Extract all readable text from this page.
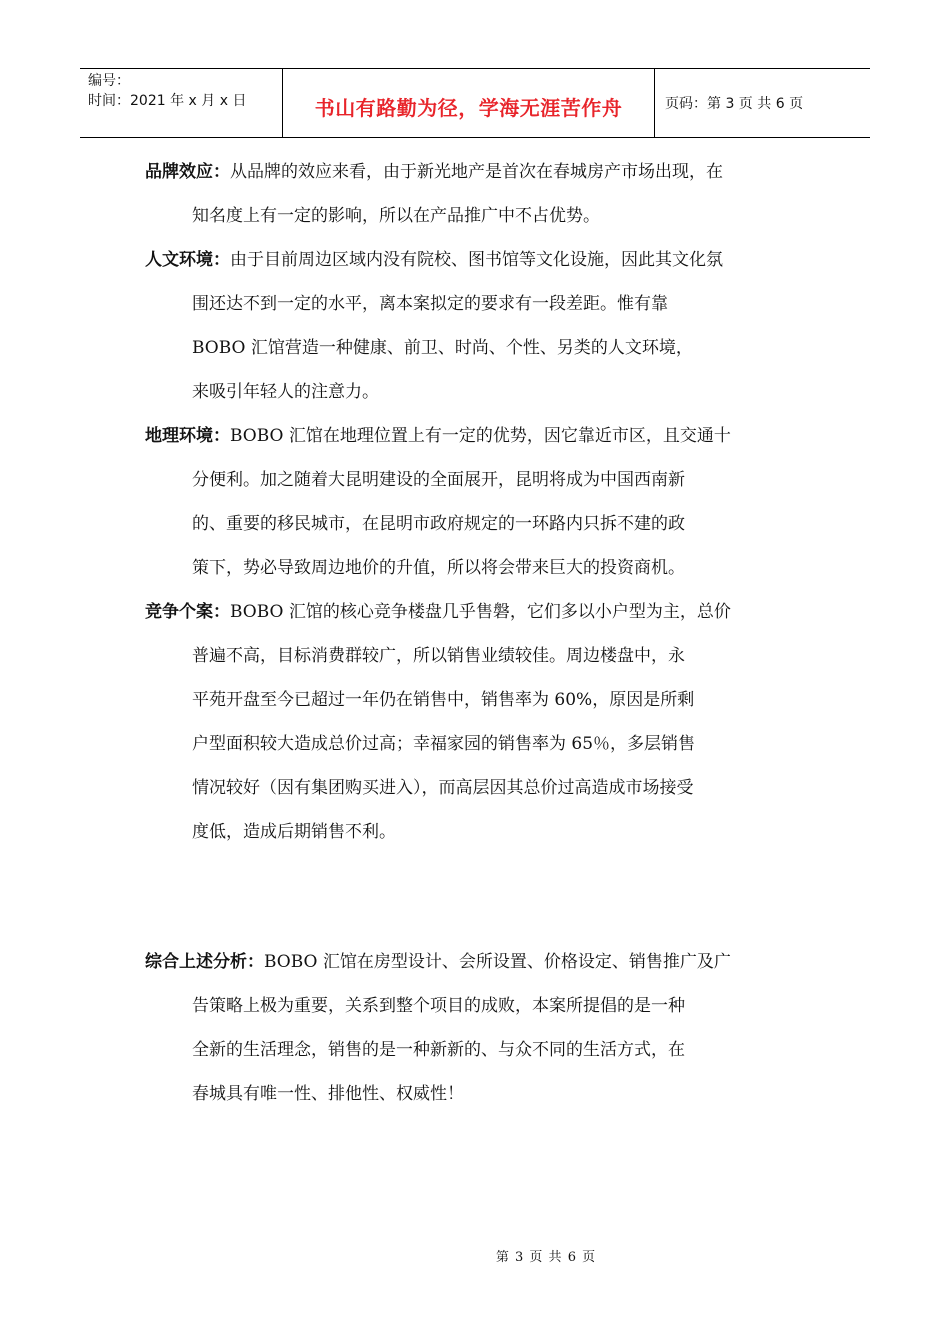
编号：
时间：2021 年 x 月 x 日	书山有路勤为径，学海无涯苦作舟	页码：第 3 页 共 6 页
品牌效应：从品牌的效应来看，由于新光地产是首次在春城房产市场出现，在
知名度上有一定的影响，所以在产品推广中不占优势。
人文环境：由于目前周边区域内没有院校、图书馆等文化设施，因此其文化氛
围还达不到一定的水平，离本案拟定的要求有一段差距。惟有靠
BOBO 汇馆营造一种健康、前卫、时尚、个性、另类的人文环境，
来吸引年轻人的注意力。
地理环境：BOBO 汇馆在地理位置上有一定的优势，因它靠近市区，且交通十
分便利。加之随着大昆明建设的全面展开，昆明将成为中国西南新
的、重要的移民城市，在昆明市政府规定的一环路内只拆不建的政
策下，势必导致周边地价的升值，所以将会带来巨大的投资商机。
竞争个案：BOBO 汇馆的核心竞争楼盘几乎售磐，它们多以小户型为主，总价
普遍不高，目标消费群较广，所以销售业绩较佳。周边楼盘中，永
平苑开盘至今已超过一年仍在销售中，销售率为 60%，原因是所剩
户型面积较大造成总价过高；幸福家园的销售率为 65％，多层销售
情况较好（因有集团购买进入），而高层因其总价过高造成市场接受
度低，造成后期销售不利。
综合上述分析：BOBO 汇馆在房型设计、会所设置、价格设定、销售推广及广
告策略上极为重要，关系到整个项目的成败，本案所提倡的是一种
全新的生活理念，销售的是一种新新的、与众不同的生活方式，在
春城具有唯一性、排他性、权威性！
第 3 页 共 6 页
